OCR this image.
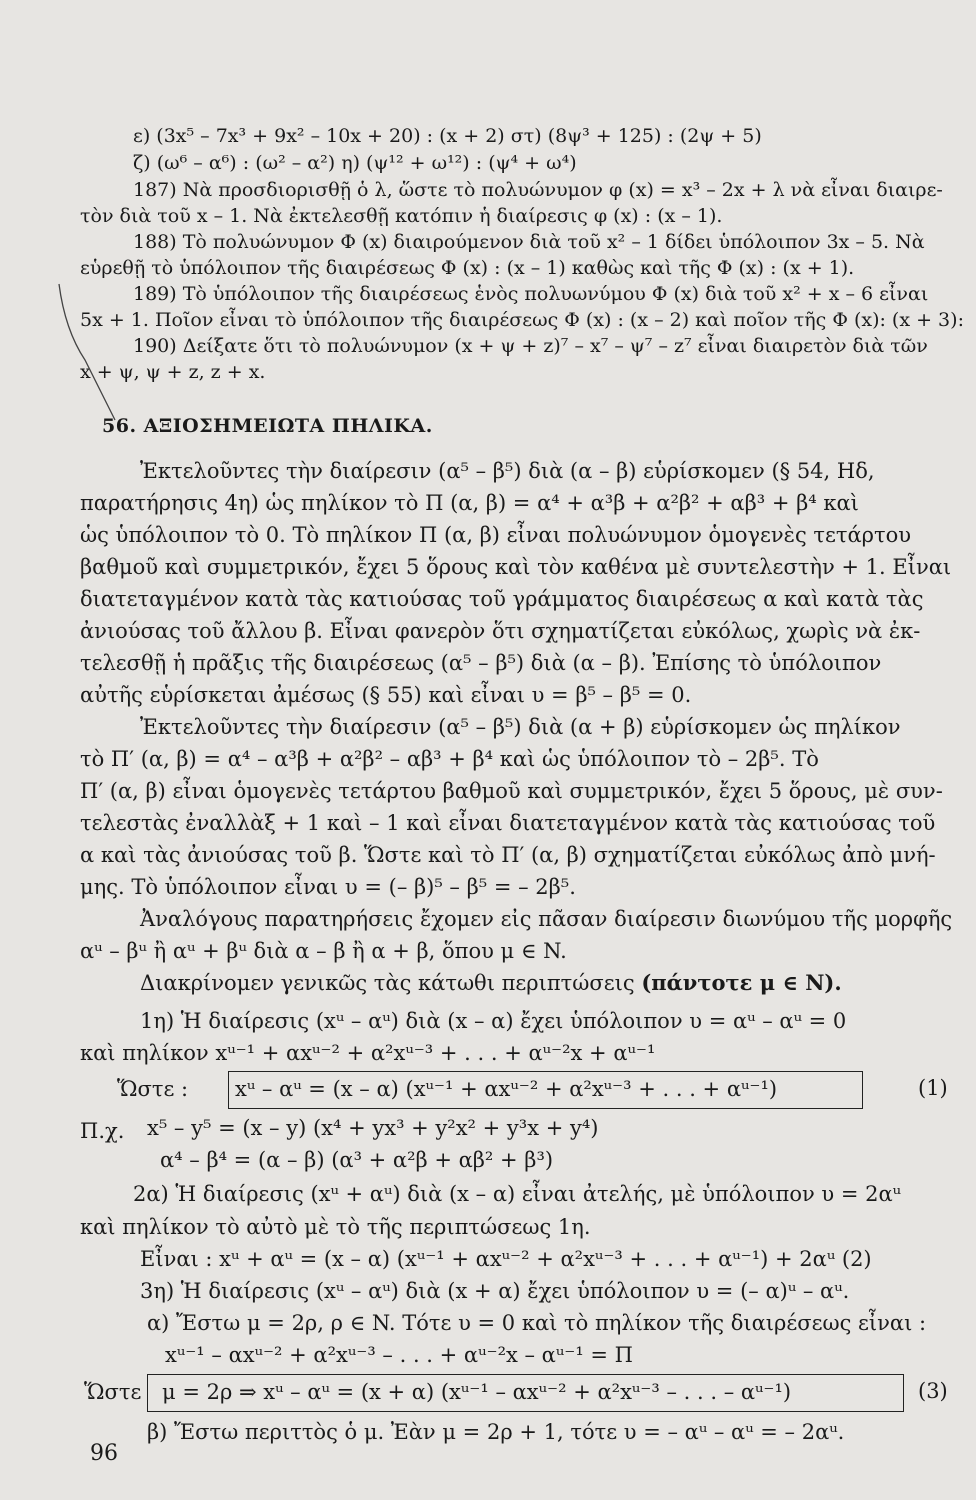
ε) (3x⁵ – 7x³ + 9x² – 10x + 20) : (x + 2) στ) (8ψ³ + 125) : (2ψ + 5)
ζ) (ω⁶ – α⁶) : (ω² – α²) η) (ψ¹² + ω¹²) : (ψ⁴ + ω⁴)
187) Νὰ προσδιορισθῇ ὁ λ, ὥστε τὸ πολυώνυμον φ (x) = x³ – 2x + λ νὰ εἶναι διαιρε-
τὸν διὰ τοῦ x – 1. Νὰ ἐκτελεσθῇ κατόπιν ἡ διαίρεσις φ (x) : (x – 1).
188) Τὸ πολυώνυμον Φ (x) διαιρούμενον διὰ τοῦ x² – 1 δίδει ὑπόλοιπον 3x – 5. Νὰ
εὑρεθῇ τὸ ὑπόλοιπον τῆς διαιρέσεως Φ (x) : (x – 1) καθὼς καὶ τῆς Φ (x) : (x + 1).
189) Τὸ ὑπόλοιπον τῆς διαιρέσεως ἑνὸς πολυωνύμου Φ (x) διὰ τοῦ x² + x – 6 εἶναι
5x + 1. Ποῖον εἶναι τὸ ὑπόλοιπον τῆς διαιρέσεως Φ (x) : (x – 2) καὶ ποῖον τῆς Φ (x): (x + 3):
190) Δείξατε ὅτι τὸ πολυώνυμον (x + ψ + z)⁷ – x⁷ – ψ⁷ – z⁷ εἶναι διαιρετὸν διὰ τῶν
x + ψ, ψ + z, z + x.
56. ΑΞΙΟΣΗΜΕΙΩΤΑ ΠΗΛΙΚΑ.
Ἐκτελοῦντες τὴν διαίρεσιν (α⁵ – β⁵) διὰ (α – β) εὑρίσκομεν (§ 54, Ηδ,
παρατήρησις 4η) ὡς πηλίκον τὸ Π (α, β) = α⁴ + α³β + α²β² + αβ³ + β⁴ καὶ
ὡς ὑπόλοιπον τὸ 0. Τὸ πηλίκον Π (α, β) εἶναι πολυώνυμον ὁμογενὲς τετάρτου
βαθμοῦ καὶ συμμετρικόν, ἔχει 5 ὅρους καὶ τὸν καθένα μὲ συντελεστὴν + 1. Εἶναι
διατεταγμένον κατὰ τὰς κατιούσας τοῦ γράμματος διαιρέσεως α καὶ κατὰ τὰς
ἀνιούσας τοῦ ἄλλου β. Εἶναι φανερὸν ὅτι σχηματίζεται εὐκόλως, χωρὶς νὰ ἐκ-
τελεσθῇ ἡ πρᾶξις τῆς διαιρέσεως (α⁵ – β⁵) διὰ (α – β). Ἐπίσης τὸ ὑπόλοιπον
αὐτῆς εὑρίσκεται ἀμέσως (§ 55) καὶ εἶναι υ = β⁵ – β⁵ = 0.
Ἐκτελοῦντες τὴν διαίρεσιν (α⁵ – β⁵) διὰ (α + β) εὑρίσκομεν ὡς πηλίκον
τὸ Π′ (α, β) = α⁴ – α³β + α²β² – αβ³ + β⁴ καὶ ὡς ὑπόλοιπον τὸ – 2β⁵. Τὸ
Π′ (α, β) εἶναι ὁμογενὲς τετάρτου βαθμοῦ καὶ συμμετρικόν, ἔχει 5 ὅρους, μὲ συν-
τελεστὰς ἐναλλὰξ + 1 καὶ – 1 καὶ εἶναι διατεταγμένον κατὰ τὰς κατιούσας τοῦ
α καὶ τὰς ἀνιούσας τοῦ β. Ὥστε καὶ τὸ Π′ (α, β) σχηματίζεται εὐκόλως ἀπὸ μνή-
μης. Τὸ ὑπόλοιπον εἶναι υ = (– β)⁵ – β⁵ = – 2β⁵.
Ἀναλόγους παρατηρήσεις ἔχομεν εἰς πᾶσαν διαίρεσιν διωνύμου τῆς μορφῆς
αᵘ – βᵘ ἢ αᵘ + βᵘ διὰ α – β ἢ α + β, ὅπου μ ∈ N.
Διακρίνομεν γενικῶς τὰς κάτωθι περιπτώσεις (πάντοτε μ ∈ N).
1η) Ἡ διαίρεσις (xᵘ – αᵘ) διὰ (x – α) ἔχει ὑπόλοιπον υ = αᵘ – αᵘ = 0
καὶ πηλίκον xᵘ⁻¹ + αxᵘ⁻² + α²xᵘ⁻³ + . . . + αᵘ⁻²x + αᵘ⁻¹
Ὥστε : xᵘ – αᵘ = (x – α) (xᵘ⁻¹ + αxᵘ⁻² + α²xᵘ⁻³ + . . . + αᵘ⁻¹)	(1)
Π.χ. x⁵ – y⁵ = (x – y) (x⁴ + yx³ + y²x² + y³x + y⁴)
α⁴ – β⁴ = (α – β) (α³ + α²β + αβ² + β³)
2α) Ἡ διαίρεσις (xᵘ + αᵘ) διὰ (x – α) εἶναι ἀτελής, μὲ ὑπόλοιπον υ = 2αᵘ
καὶ πηλίκον τὸ αὐτὸ μὲ τὸ τῆς περιπτώσεως 1η.
Εἶναι : xᵘ + αᵘ = (x – α) (xᵘ⁻¹ + αxᵘ⁻² + α²xᵘ⁻³ + . . . + αᵘ⁻¹) + 2αᵘ (2)
3η) Ἡ διαίρεσις (xᵘ – αᵘ) διὰ (x + α) ἔχει ὑπόλοιπον υ = (– α)ᵘ – αᵘ.
α) Ἔστω μ = 2ρ, ρ ∈ N. Τότε υ = 0 καὶ τὸ πηλίκον τῆς διαιρέσεως εἶναι :
xᵘ⁻¹ – αxᵘ⁻² + α²xᵘ⁻³ – . . . + αᵘ⁻²x – αᵘ⁻¹ = Π
Ὥστε μ = 2ρ ⇒ xᵘ – αᵘ = (x + α) (xᵘ⁻¹ – αxᵘ⁻² + α²xᵘ⁻³ – . . . – αᵘ⁻¹)	(3)
β) Ἔστω περιττὸς ὁ μ. Ἐὰν μ = 2ρ + 1, τότε υ = – αᵘ – αᵘ = – 2αᵘ.
96
